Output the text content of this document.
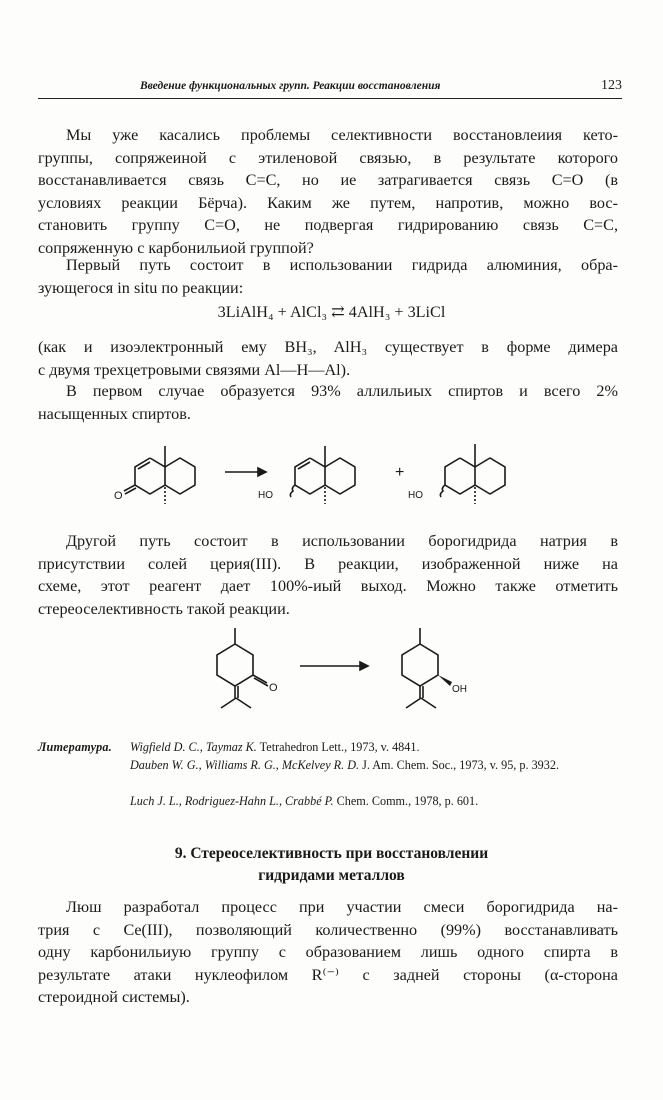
Введение функциональных групп. Реакции восстановления	123
Мы уже касались проблемы селективности восстановлеиия кето-
группы, сопряжеиной с этиленовой связью, в результате которого
восстанавливается связь C=C, но ие затрагивается связь C=O (в
условиях реакции Бёрча). Каким же путем, напротив, можно вос-
становить группу C=O, не подвергая гидрированию связь C=C,
сопряженную с карбонильиой группой?
Первый путь состоит в использовании гидрида алюминия, обра-
зующегося in situ по реакции:
3LiAlH₄ + AlCl₃ ⇄ 4AlH₃ + 3LiCl
(как и изоэлектронный ему BH₃, AlH₃ существует в форме димера
с двумя трехцетровыми связями Al—H—Al).
В первом случае образуется 93% аллильиых спиртов и всего 2%
насыщенных спиртов.
O	HO
+
HO
Другой путь состоит в использовании борогидрида натрия в
присутствии солей церия(III). В реакции, изображенной ниже на
схеме, этот реагент дает 100%-иый выход. Можно также отметить
стереоселективность такой реакции.
O	OH
Литература. Wigfield D. C., Taymaz K. Tetrahedron Lett., 1973, v. 4841.
Dauben W. G., Williams R. G., McKelvey R. D. J. Am. Chem. Soc., 1973, v. 95, p. 3932.
Luch J. L., Rodriguez-Hahn L., Crabbé P. Chem. Comm., 1978, p. 601.
9. Стереоселективность при восстановлении
гидридами металлов
Люш разработал процесс при участии смеси борогидрида на-
трия с Ce(III), позволяющий количественно (99%) восстанавливать
одну карбонильиую группу с образованием лишь одного спирта в
результате атаки нуклеофилом R⁽⁻⁾ с задней стороны (α-сторона
стероидной системы).
